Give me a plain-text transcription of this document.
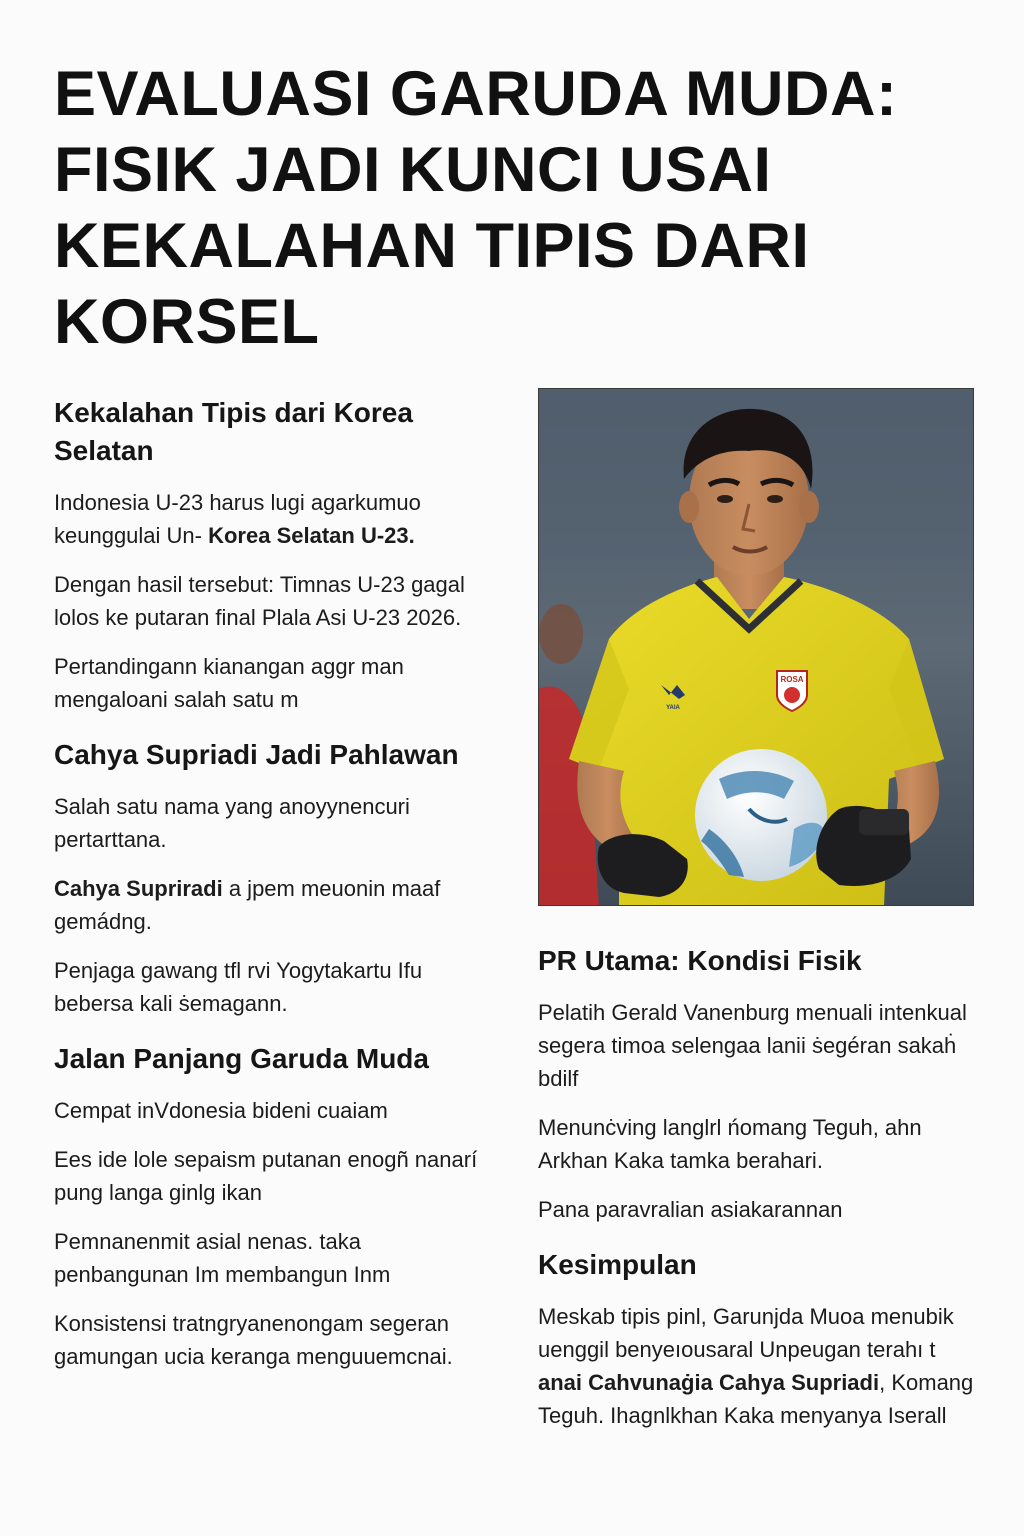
EVALUASI GARUDA MUDA: FISIK JADI KUNCI USAI KEKALAHAN TIPIS DARI KORSEL
Kekalahan Tipis dari Korea Selatan

Indonesia U-23 harus lugi agarkumuo keunggulai Un- Korea Selatan U-23.

Dengan hasil tersebut: Timnas U-23 gagal lolos ke putaran final Plala Asi U-23 2026.

Pertandingann kianangan aggr man mengaloani salah satu m

Cahya Supriadi Jadi Pahlawan

Salah satu nama yang anoyynencuri pertarttana.

Cahya Supriradi a jpem meuonin maaf gemádng.

Penjaga gawang tfl rvi Yogytakartu Ifu bebersa kali ṡemagann.

Jalan Panjang Garuda Muda

Cempat inVdonesia bideni cuaiam

Ees ide lole sepaism putanan enogñ nanarí pung langa ginlg ikan

Pemnanenmit asial nenas. taka penbangunan Im membangun Inm

Konsistensi tratngryanenongam segeran gamungan ucia keranga menguuemcnai.

ROSA
YAIA
PR Utama: Kondisi Fisik

Pelatih Gerald Vanenburg menuali intenkual segera timoa selengaa lanii ṡegéran sakaḣ bdilf

Menunċving langlrl ńomang Teguh, ahn Arkhan Kaka tamka berahari.

Pana paravralian asiakarannan

Kesimpulan

Meskab tipis pinl, Garunjda Muoa menubik uenggil benyeıousaral Unpeugan terahı t anai Cahvunaġia Cahya Supriadi, Komang Teguh. Ihagnlkhan Kaka menyanya Iserall
